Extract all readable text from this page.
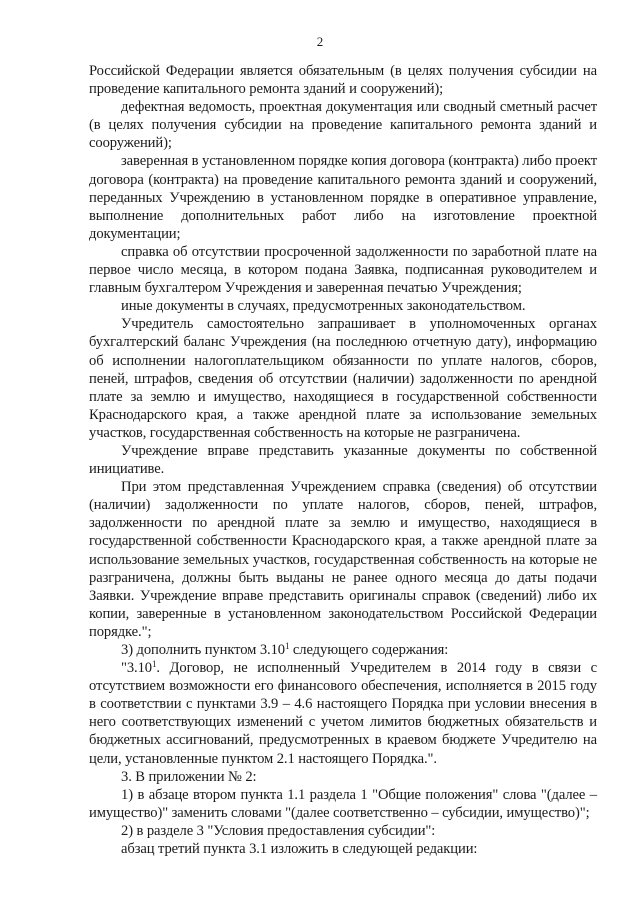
2

Российской Федерации является обязательным (в целях получения субсидии на проведение капитального ремонта зданий и сооружений);

дефектная ведомость, проектная документация или сводный сметный расчет (в целях получения субсидии на проведение капитального ремонта зданий и сооружений);

заверенная в установленном порядке копия договора (контракта) либо проект договора (контракта) на проведение капитального ремонта зданий и сооружений, переданных Учреждению в установленном порядке в оперативное управление, выполнение дополнительных работ либо на изготовление проектной документации;

справка об отсутствии просроченной задолженности по заработной плате на первое число месяца, в котором подана Заявка, подписанная руководителем и главным бухгалтером Учреждения и заверенная печатью Учреждения;

иные документы в случаях, предусмотренных законодательством.

Учредитель самостоятельно запрашивает в уполномоченных органах бухгалтерский баланс Учреждения (на последнюю отчетную дату), информацию об исполнении налогоплательщиком обязанности по уплате налогов, сборов, пеней, штрафов, сведения об отсутствии (наличии) задолженности по арендной плате за землю и имущество, находящиеся в государственной собственности Краснодарского края, а также арендной плате за использование земельных участков, государственная собственность на которые не разграничена.

Учреждение вправе представить указанные документы по собственной инициативе.

При этом представленная Учреждением справка (сведения) об отсутствии (наличии) задолженности по уплате налогов, сборов, пеней, штрафов, задолженности по арендной плате за землю и имущество, находящиеся в государственной собственности Краснодарского края, а также арендной плате за использование земельных участков, государственная собственность на которые не разграничена, должны быть выданы не ранее одного месяца до даты подачи Заявки. Учреждение вправе представить оригиналы справок (сведений) либо их копии, заверенные в установленном законодательством Российской Федерации порядке.";

3) дополнить пунктом 3.10$^1$ следующего содержания:

"3.10$^1$. Договор, не исполненный Учредителем в 2014 году в связи с отсутствием возможности его финансового обеспечения, исполняется в 2015 году в соответствии с пунктами 3.9 – 4.6 настоящего Порядка при условии внесения в него соответствующих изменений с учетом лимитов бюджетных обязательств и бюджетных ассигнований, предусмотренных в краевом бюджете Учредителю на цели, установленные пунктом 2.1 настоящего Порядка.".

3. В приложении № 2:

1) в абзаце втором пункта 1.1 раздела 1 "Общие положения" слова "(далее – имущество)" заменить словами "(далее соответственно – субсидии, имущество)";

2) в разделе 3 "Условия предоставления субсидии":

абзац третий пункта 3.1 изложить в следующей редакции:
